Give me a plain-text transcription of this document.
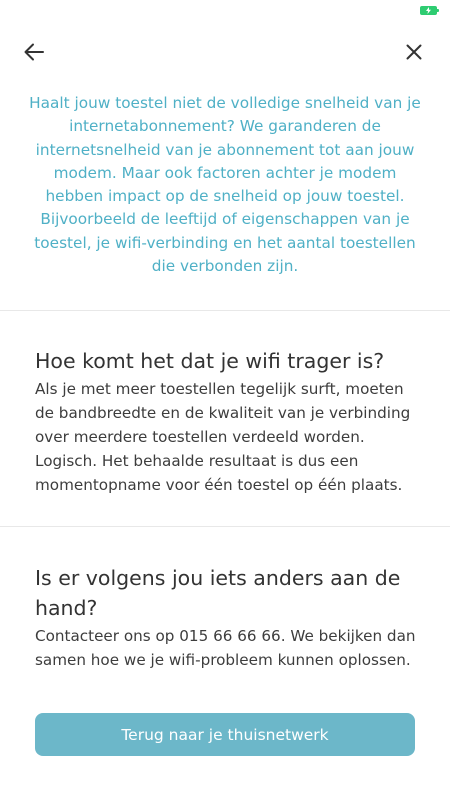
Haalt jouw toestel niet de volledige snelheid van je internetabonnement? We garanderen de internetsnelheid van je abonnement tot aan jouw modem. Maar ook factoren achter je modem hebben impact op de snelheid op jouw toestel. Bijvoorbeeld de leeftijd of eigenschappen van je toestel, je wifi-verbinding en het aantal toestellen die verbonden zijn.

Hoe komt het dat je wifi trager is?

Als je met meer toestellen tegelijk surft, moeten de bandbreedte en de kwaliteit van je verbinding over meerdere toestellen verdeeld worden. Logisch. Het behaalde resultaat is dus een momentopname voor één toestel op één plaats.

Is er volgens jou iets anders aan de hand?

Contacteer ons op 015 66 66 66. We bekijken dan samen hoe we je wifi-probleem kunnen oplossen.

Terug naar je thuisnetwerk
